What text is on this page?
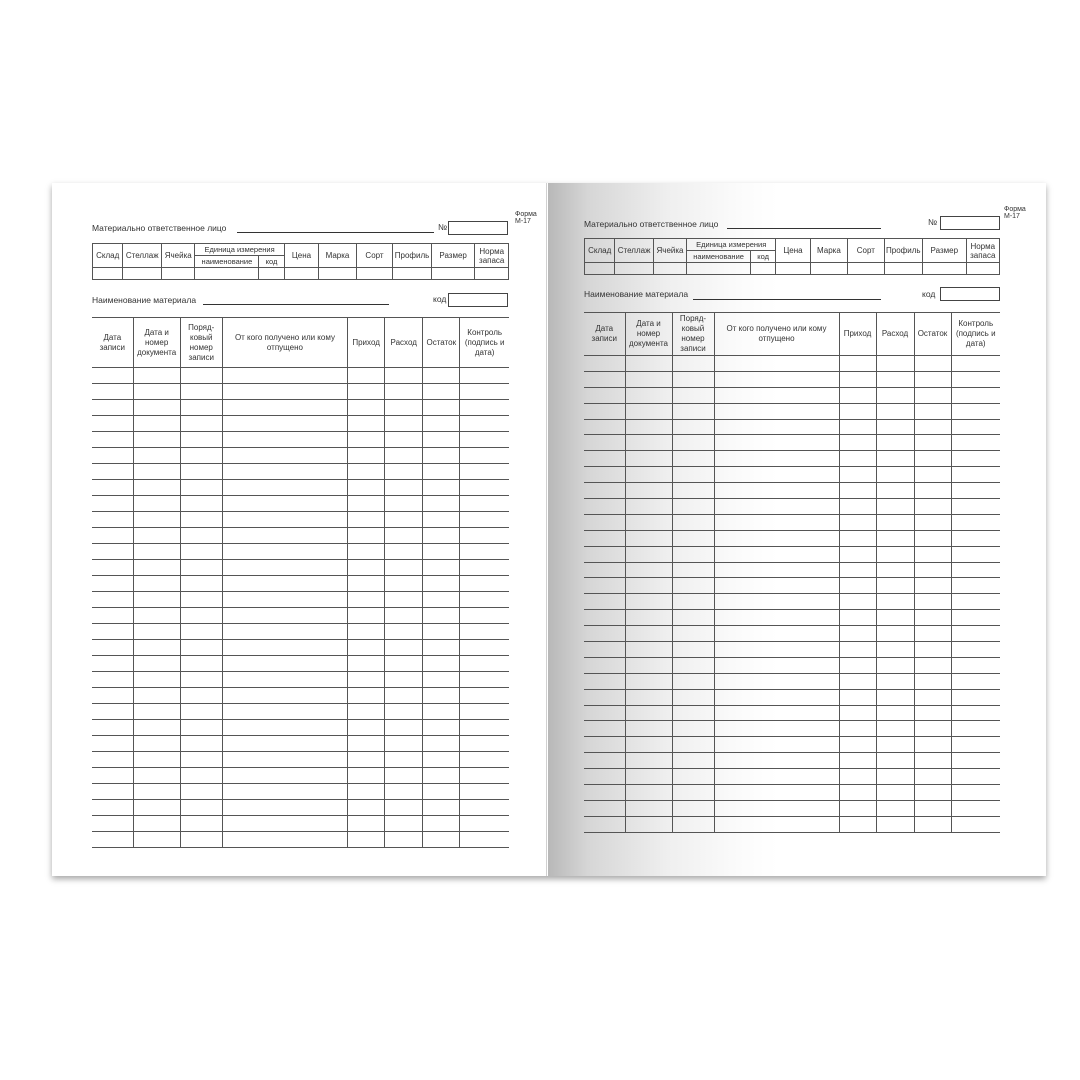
Форма М-17
Материально ответственное лицо	№
Склад	Стеллаж	Ячейка	Единица измерения		Цена	Марка	Сорт	Профиль	Размер	Норма запаса
			наименование	код						

Наименование материала	код
Дата записи	Дата и номер документа	Поряд-ковый номер записи	От кого получено или кому отпущено	Приход	Расход	Остаток	Контроль (подпись и дата)

Форма М-17
Материально ответственное лицо	№
Склад	Стеллаж	Ячейка	Единица измерения		Цена	Марка	Сорт	Профиль	Размер	Норма запаса
			наименование	код						

Наименование материала	код
Дата записи	Дата и номер документа	Поряд-ковый номер записи	От кого получено или кому отпущено	Приход	Расход	Остаток	Контроль (подпись и дата)
